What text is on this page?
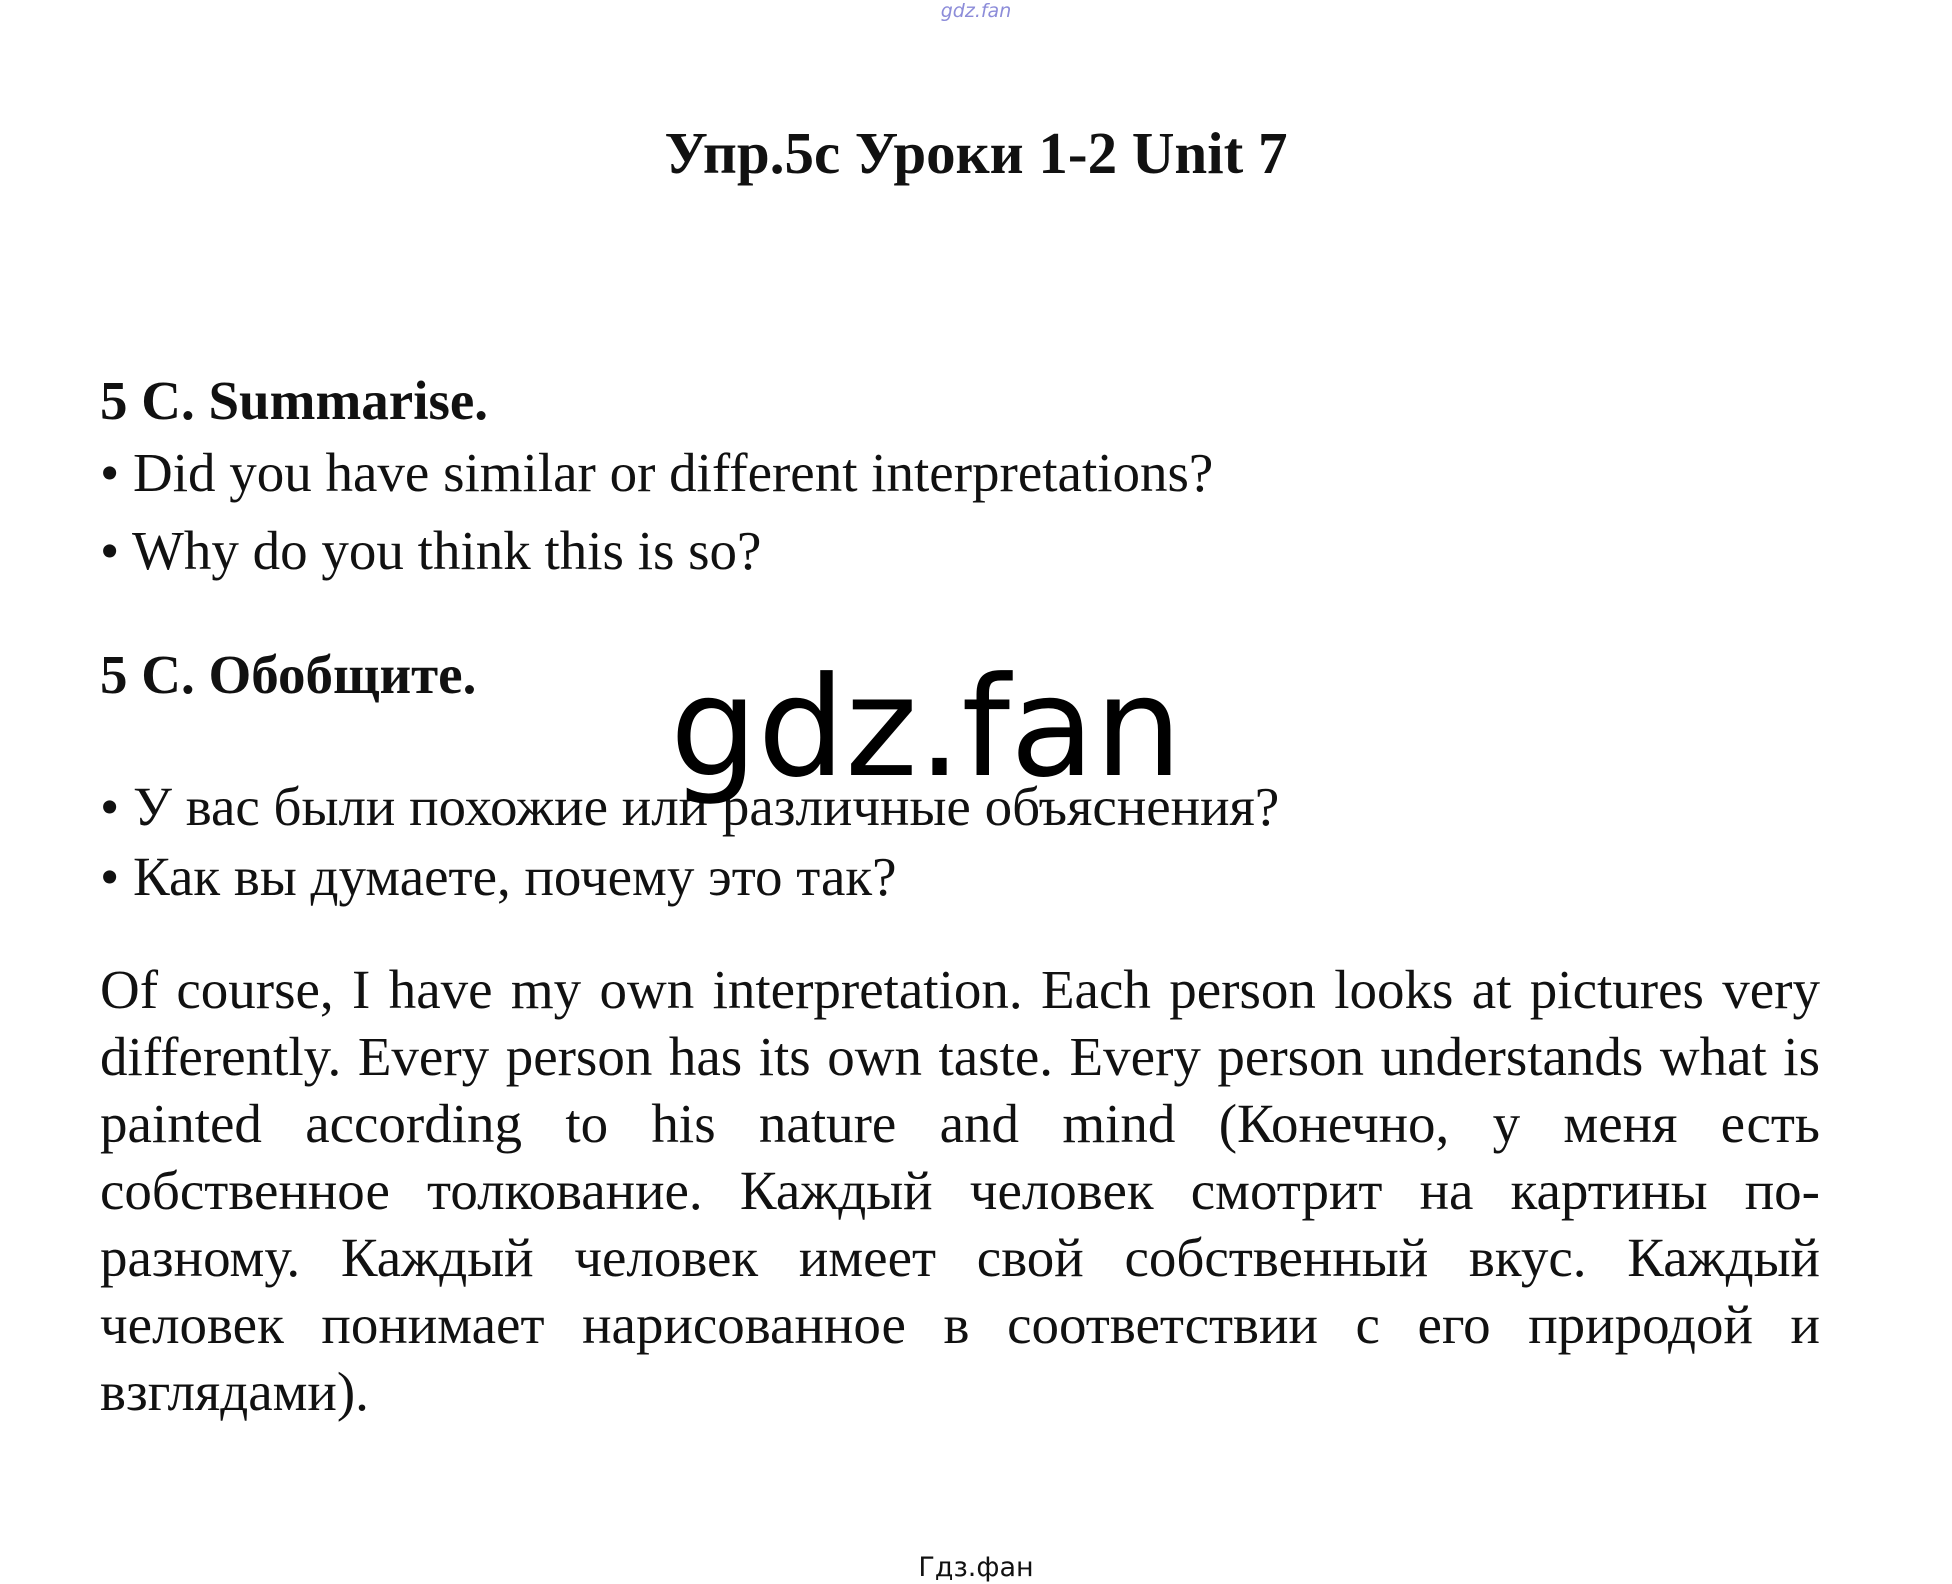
gdz.fan
Упр.5с Уроки 1-2 Unit 7

5 C. Summarise.

• Did you have similar or different interpretations?

• Why do you think this is so?

5 С. Обобщите.

• У вас были похожие или различные объяснения?

• Как вы думаете, почему это так?

gdz.fan

Of course, I have my own interpretation. Each person looks at pictures very differently. Every person has its own taste. Every person understands what is painted according to his nature and mind (Конечно, у меня есть собственное толкование. Каждый человек смотрит на картины по-разному. Каждый человек имеет свой собственный вкус. Каждый человек понимает нарисованное в соответствии с его природой и взглядами).

Гдз.фан
